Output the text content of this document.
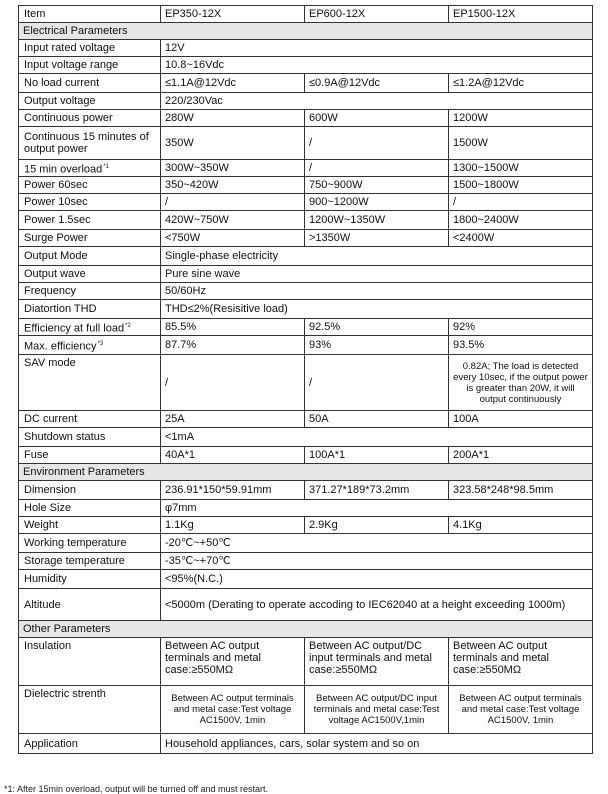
Item	EP350-12X	EP600-12X	EP1500-12X
Electrical Parameters			
Input rated voltage	12V		
Input voltage range	10.8~16Vdc		
No load current	≤1.1A@12Vdc	≤0.9A@12Vdc	≤1.2A@12Vdc
Output voltage	220/230Vac		
Continuous power	280W	600W	1200W
Continuous 15 minutes of output power	350W	/	1500W
15 min overload$^{*1}$	300W~350W	/	1300~1500W
Power 60sec	350~420W	750~900W	1500~1800W
Power 10sec	/	900~1200W	/
Power 1.5sec	420W~750W	1200W~1350W	1800~2400W
Surge Power	<750W	>1350W	<2400W
Output Mode	Single-phase electricity		
Output wave	Pure sine wave		
Frequency	50/60Hz		
Diatortion THD	THD≤2%(Resisitive load)		
Efficiency at full load$^{*2}$	85.5%	92.5%	92%
Max. efficiency$^{*3}$	87.7%	93%	93.5%
SAV mode	/	/	0.82A; The load is detected every 10sec, if the output power is greater than 20W, it will output continuously
DC current	25A	50A	100A
Shutdown status	<1mA		
Fuse	40A*1	100A*1	200A*1
Environment Parameters			
Dimension	236.91*150*59.91mm	371.27*189*73.2mm	323.58*248*98.5mm
Hole Size	φ7mm		
Weight	1.1Kg	2.9Kg	4.1Kg
Working temperature	-20℃~+50℃		
Storage temperature	-35℃~+70℃		
Humidity	<95%(N.C.)		
Altitude	<5000m (Derating to operate accoding to IEC62040 at a height exceeding 1000m)		
Other Parameters			
Insulation	Between AC output terminals and metal case:≥550MΩ	Between AC output/DC input terminals and metal case:≥550MΩ	Between AC output terminals and metal case:≥550MΩ
Dielectric strenth	Between AC output terminals and metal case:Test voltage AC1500V, 1min	Between AC output/DC input terminals and metal case:Test voltage AC1500V,1min	Between AC output terminals and metal case:Test voltage AC1500V, 1min
Application	Household appliances, cars, solar system and so on		
*1: After 15min overload, output will be turned off and must restart.
